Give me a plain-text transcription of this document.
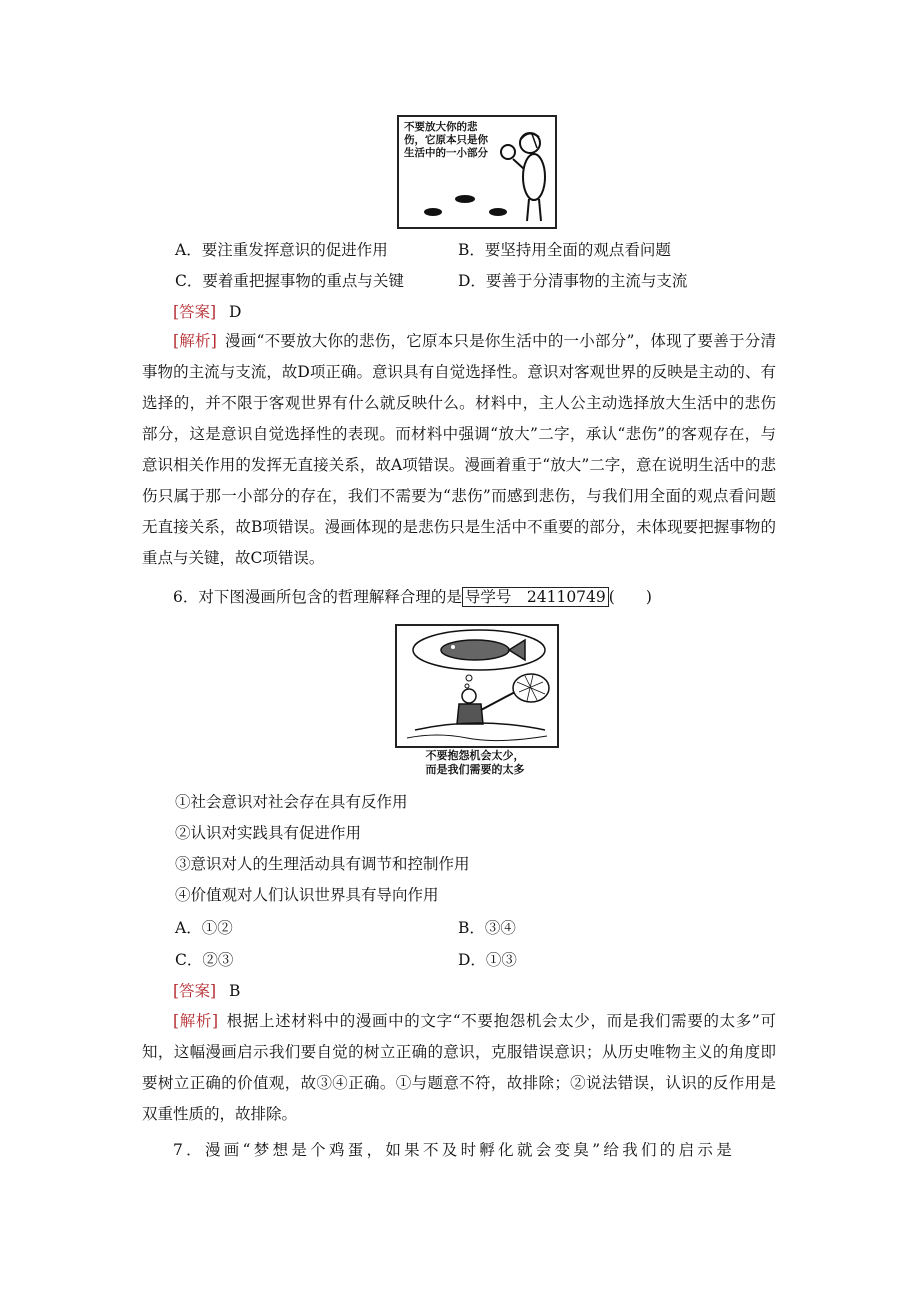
不要放大你的悲伤，它原本只是你生活中的一小部分
A．要注重发挥意识的促进作用	B．要坚持用全面的观点看问题
C．要着重把握事物的重点与关键	D．要善于分清事物的主流与支流
[答案] D
[解析] 漫画“不要放大你的悲伤，它原本只是你生活中的一小部分”，体现了要善于分清事物的主流与支流，故D项正确。意识具有自觉选择性。意识对客观世界的反映是主动的、有选择的，并不限于客观世界有什么就反映什么。材料中，主人公主动选择放大生活中的悲伤部分，这是意识自觉选择性的表现。而材料中强调“放大”二字，承认“悲伤”的客观存在，与意识相关作用的发挥无直接关系，故A项错误。漫画着重于“放大”二字，意在说明生活中的悲伤只属于那一小部分的存在，我们不需要为“悲伤”而感到悲伤，与我们用全面的观点看问题无直接关系，故B项错误。漫画体现的是悲伤只是生活中不重要的部分，未体现要把握事物的重点与关键，故C项错误。
6．对下图漫画所包含的哲理解释合理的是 导学号　24110749 (　　)
不要抱怨机会太少，
而是我们需要的太多
①社会意识对社会存在具有反作用
②认识对实践具有促进作用
③意识对人的生理活动具有调节和控制作用
④价值观对人们认识世界具有导向作用
A．①②	B．③④
C．②③	D．①③
[答案] B
[解析] 根据上述材料中的漫画中的文字“不要抱怨机会太少，而是我们需要的太多”可知，这幅漫画启示我们要自觉的树立正确的意识，克服错误意识；从历史唯物主义的角度即要树立正确的价值观，故③④正确。①与题意不符，故排除；②说法错误，认识的反作用是双重性质的，故排除。
7．漫画“梦想是个鸡蛋，如果不及时孵化就会变臭”给我们的启示是
